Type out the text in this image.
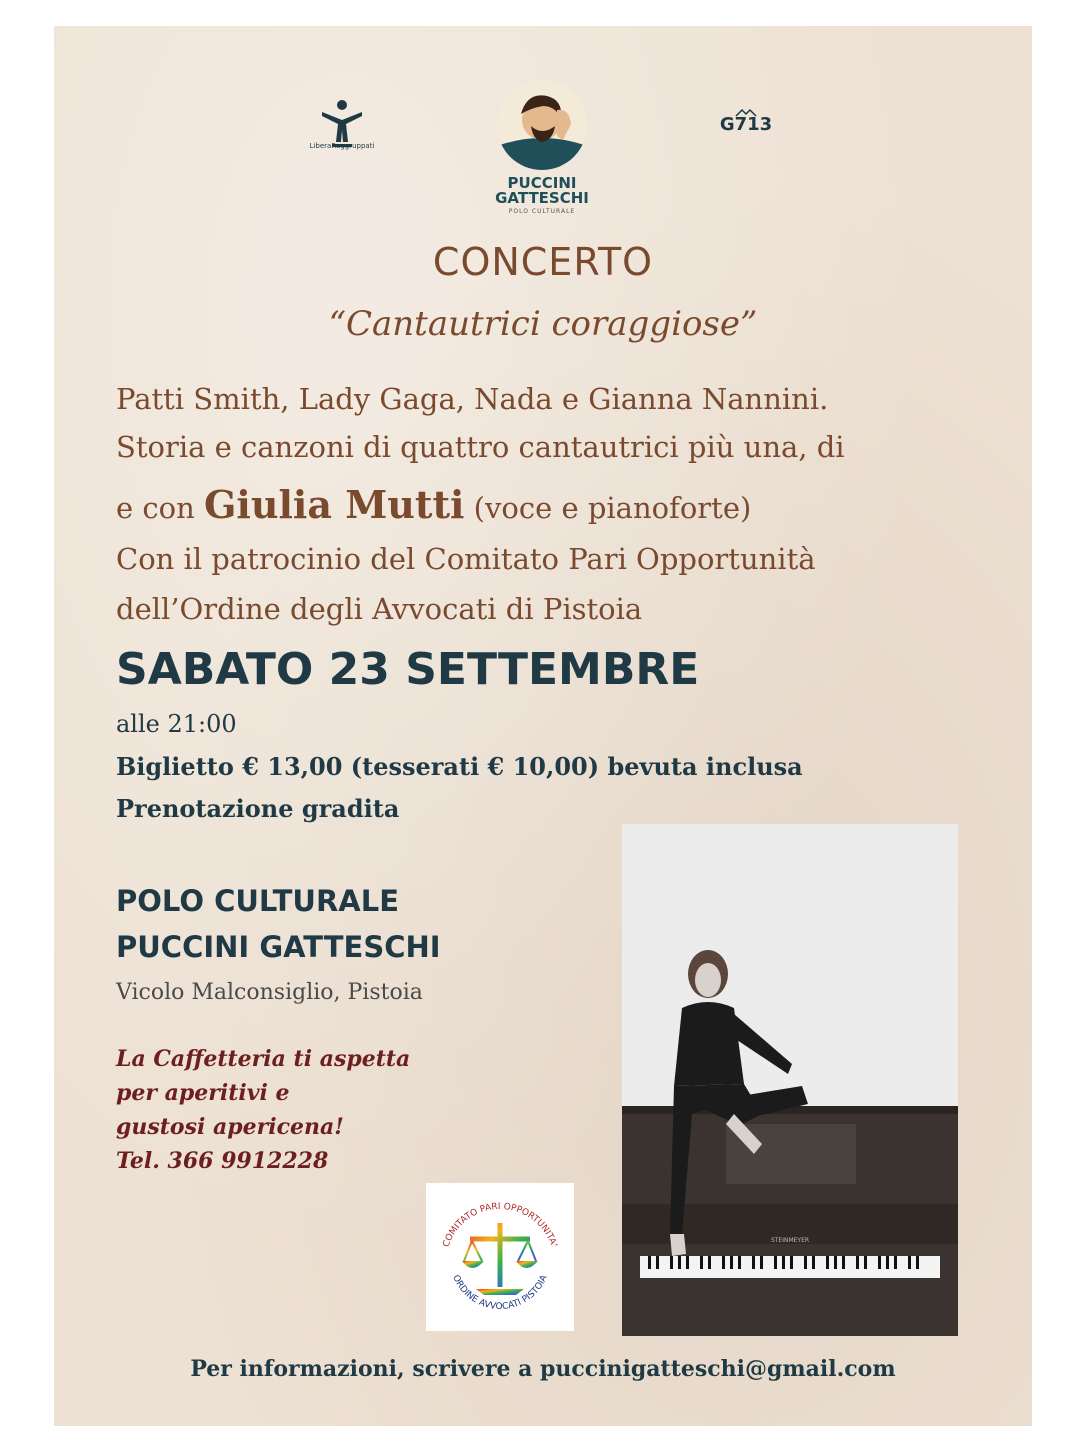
LiberaRaggruppati
PUCCINI
GATTESCHI
POLO CULTURALE
G713
CONCERTO
“Cantautrici coraggiose”
Patti Smith, Lady Gaga, Nada e Gianna Nannini.
Storia e canzoni di quattro cantautrici più una, di
e con Giulia Mutti (voce e pianoforte)
Con il patrocinio del Comitato Pari Opportunità
dell’Ordine degli Avvocati di Pistoia
SABATO 23 SETTEMBRE
alle 21:00
Biglietto € 13,00 (tesserati € 10,00) bevuta inclusa
Prenotazione gradita
POLO CULTURALE
PUCCINI GATTESCHI
Vicolo Malconsiglio, Pistoia
La Caffetteria ti aspetta
per aperitivi e
gustosi apericena!
Tel. 366 9912228
STEINMEYER
COMITATO PARI OPPORTUNITA'
ORDINE AVVOCATI PISTOIA
Per informazioni, scrivere a puccinigatteschi@gmail.com
